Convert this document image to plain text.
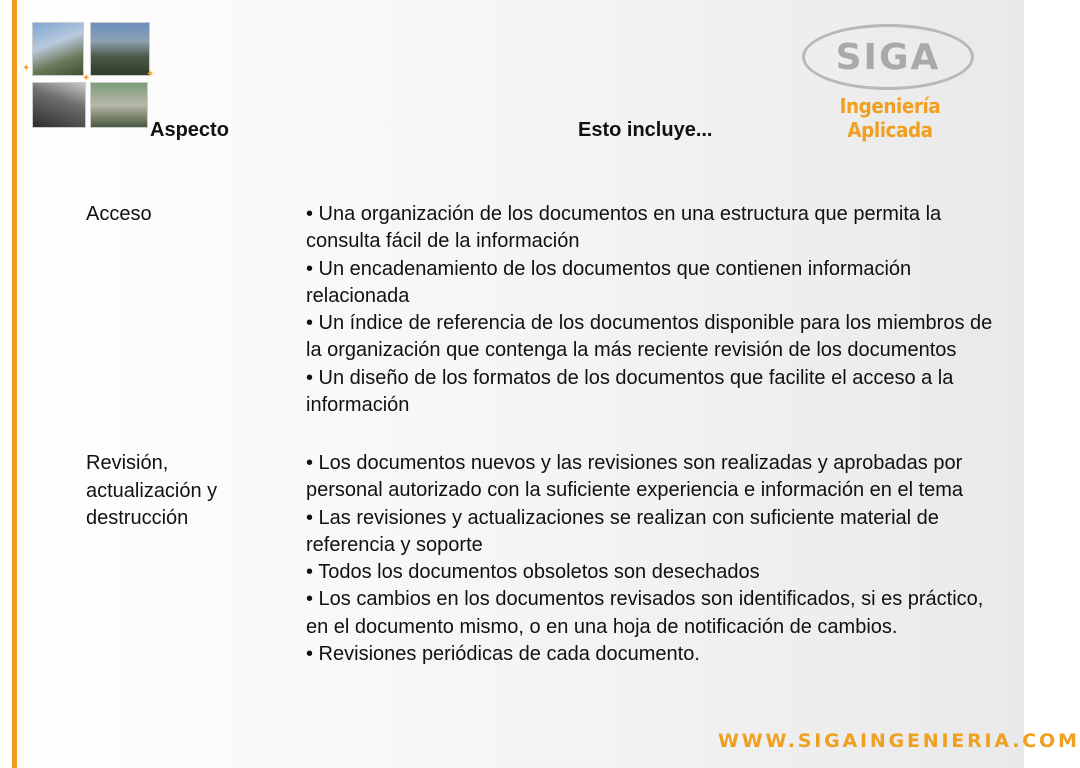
✦
✦
✦
SIGA
Ingeniería Aplicada
Aspecto	Esto incluye...
Acceso	• Una organización de los documentos en una estructura que permita la consulta fácil de la información

• Un encadenamiento de los documentos que contienen información relacionada

• Un índice de referencia de los documentos disponible para los miembros de la organización que contenga la más reciente revisión de los documentos

• Un diseño de los formatos de los documentos que facilite el acceso a la información

Revisión, actualización y destrucción

• Los documentos nuevos y las revisiones son realizadas y aprobadas por personal autorizado con la suficiente experiencia e información en el tema

• Las revisiones y actualizaciones se realizan con suficiente material de referencia y soporte

• Todos los documentos obsoletos son desechados

• Los cambios en los documentos revisados son identificados, si es práctico, en el documento mismo, o en una hoja de notificación de cambios.

• Revisiones periódicas de cada documento.

WWW.SIGAINGENIERIA.COM
